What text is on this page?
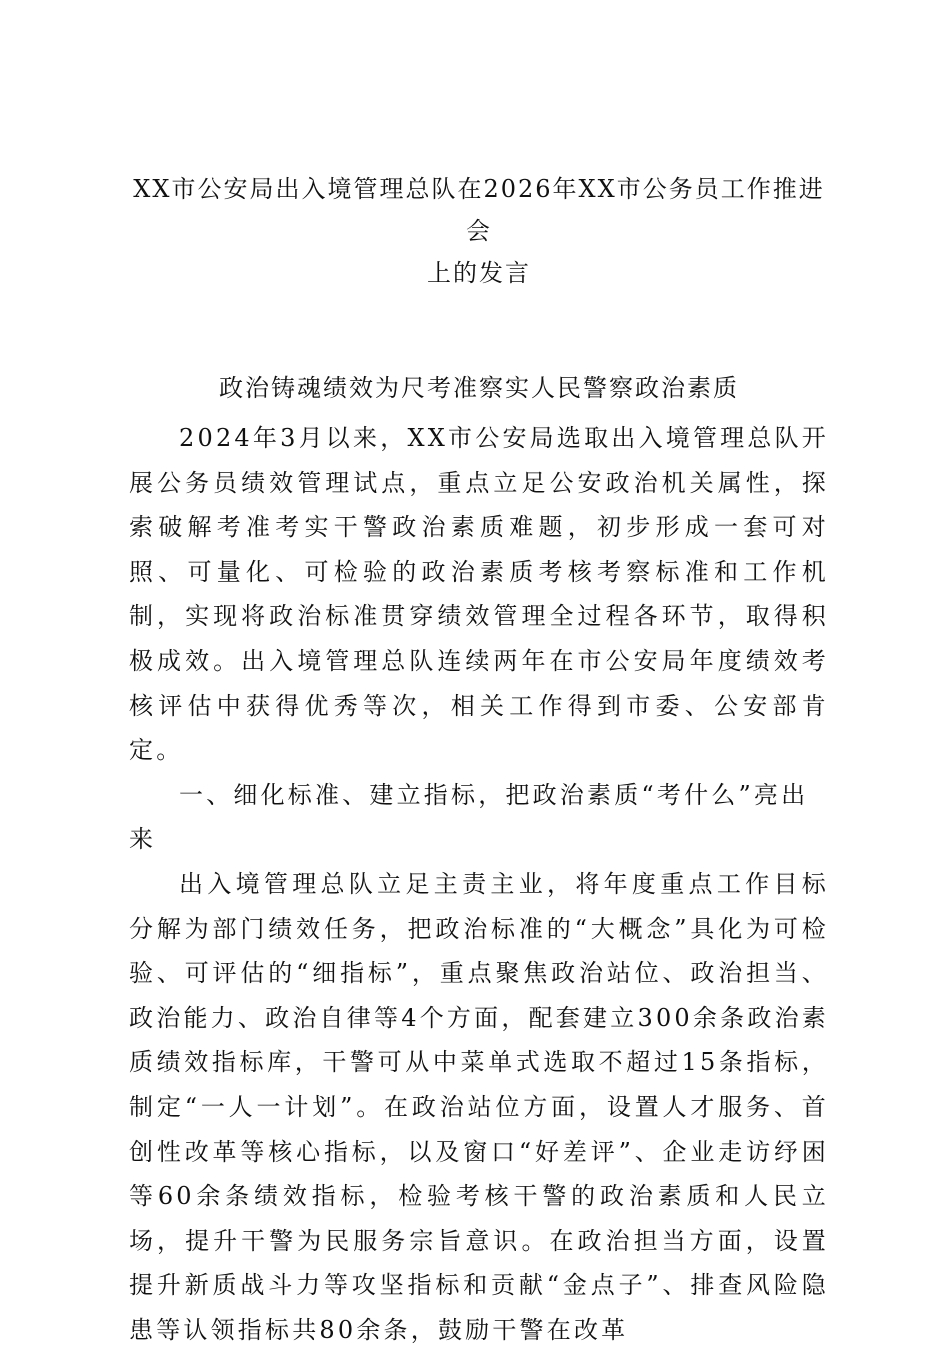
XX市公安局出入境管理总队在2026年XX市公务员工作推进会
上的发言
政治铸魂绩效为尺考准察实人民警察政治素质

2024年3月以来，XX市公安局选取出入境管理总队开展公务员绩效管理试点，重点立足公安政治机关属性，探索破解考准考实干警政治素质难题，初步形成一套可对照、可量化、可检验的政治素质考核考察标准和工作机制，实现将政治标准贯穿绩效管理全过程各环节，取得积极成效。出入境管理总队连续两年在市公安局年度绩效考核评估中获得优秀等次，相关工作得到市委、公安部肯定。

一、细化标准、建立指标，把政治素质“考什么”亮出来

出入境管理总队立足主责主业，将年度重点工作目标分解为部门绩效任务，把政治标准的“大概念”具化为可检验、可评估的“细指标”，重点聚焦政治站位、政治担当、政治能力、政治自律等4个方面，配套建立300余条政治素质绩效指标库，干警可从中菜单式选取不超过15条指标，制定“一人一计划”。在政治站位方面，设置人才服务、首创性改革等核心指标，以及窗口“好差评”、企业走访纾困等60余条绩效指标，检验考核干警的政治素质和人民立场，提升干警为民服务宗旨意识。在政治担当方面，设置提升新质战斗力等攻坚指标和贡献“金点子”、排查风险隐患等认领指标共80余条，鼓励干警在改革
